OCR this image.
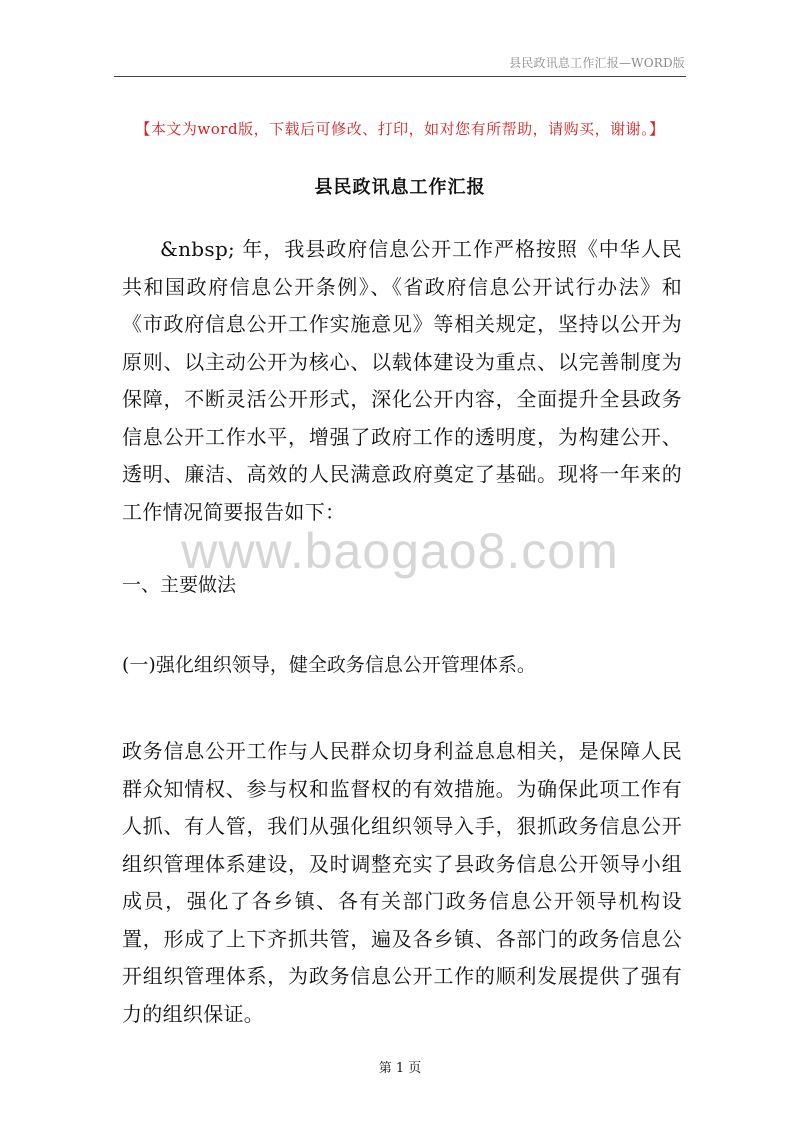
县民政讯息工作汇报—WORD版
【本文为word版，下载后可修改、打印，如对您有所帮助，请购买，谢谢。】
县民政讯息工作汇报

&nbsp; 年，我县政府信息公开工作严格按照《中华人民共和国政府信息公开条例》、《省政府信息公开试行办法》和《市政府信息公开工作实施意见》等相关规定，坚持以公开为原则、以主动公开为核心、以载体建设为重点、以完善制度为保障，不断灵活公开形式，深化公开内容，全面提升全县政务信息公开工作水平，增强了政府工作的透明度，为构建公开、透明、廉洁、高效的人民满意政府奠定了基础。现将一年来的工作情况简要报告如下：

www.baogao8.com
一、主要做法
(一)强化组织领导，健全政务信息公开管理体系。

政务信息公开工作与人民群众切身利益息息相关，是保障人民群众知情权、参与权和监督权的有效措施。为确保此项工作有人抓、有人管，我们从强化组织领导入手，狠抓政务信息公开组织管理体系建设，及时调整充实了县政务信息公开领导小组成员，强化了各乡镇、各有关部门政务信息公开领导机构设置，形成了上下齐抓共管，遍及各乡镇、各部门的政务信息公开组织管理体系，为政务信息公开工作的顺利发展提供了强有力的组织保证。

第 1 页
